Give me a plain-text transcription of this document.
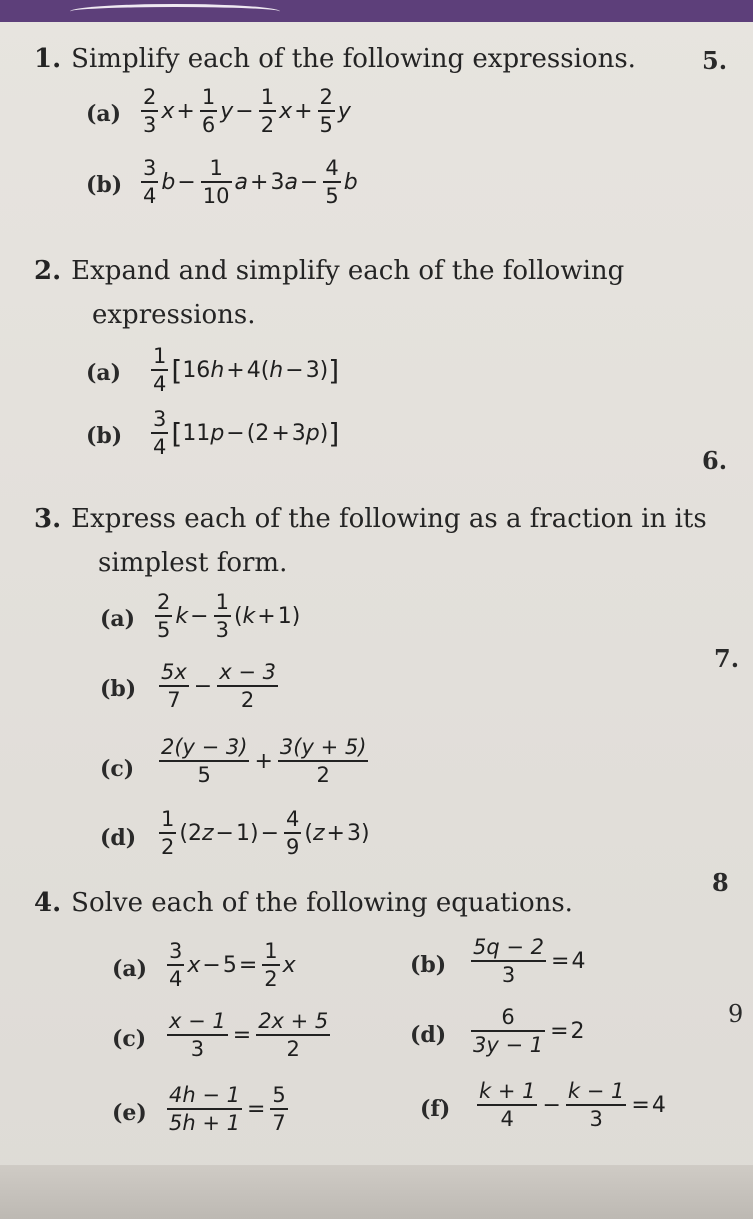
1. Simplify each of the following expressions.	5.
$(a) \frac{2}{3}$ $x + \frac{1}{6}$ $y - \frac{1}{2}$ $x + \frac{2}{5}$ y
$(b) \frac{3}{4}$ $b - \frac{1}{10}$ a + 3 $a - \frac{4}{5}$ b
2. Expand and simplify each of the following
expressions.
$(a) \frac{1}{4}$ [ 16 h + 4( h − 3) ]
$(b) \frac{3}{4}$ [ 11 p − (2 + 3 p ) ]
6.
3. Express each of the following as a fraction in its
simplest form.
$(a) \frac{2}{5}$ $k - \frac{1}{3}$ ( k + 1)
$(b) \frac{5x}{7} - \frac{x - 3}{2}$
7.
$(c) \frac{2(y - 3)}{5} + \frac{3(y + 5)}{2}$
$(d) \frac{1}{2} (2$ $z - 1) - \frac{4}{9}$ ( z + 3)
8
4. Solve each of the following equations.
$(a) \frac{3}{4}$ $x - 5 = \frac{1}{2}$ x	$(b) \frac{5q - 2}{3} = 4$
9
$(c) \frac{x - 1}{3} = \frac{2x + 5}{2}$	$(d) \frac{6}{3y - 1} = 2$
$(e) \frac{4h - 1}{5h + 1} = \frac{5}{7}$	$(f) \frac{k + 1}{4} - \frac{k - 1}{3} = 4$
